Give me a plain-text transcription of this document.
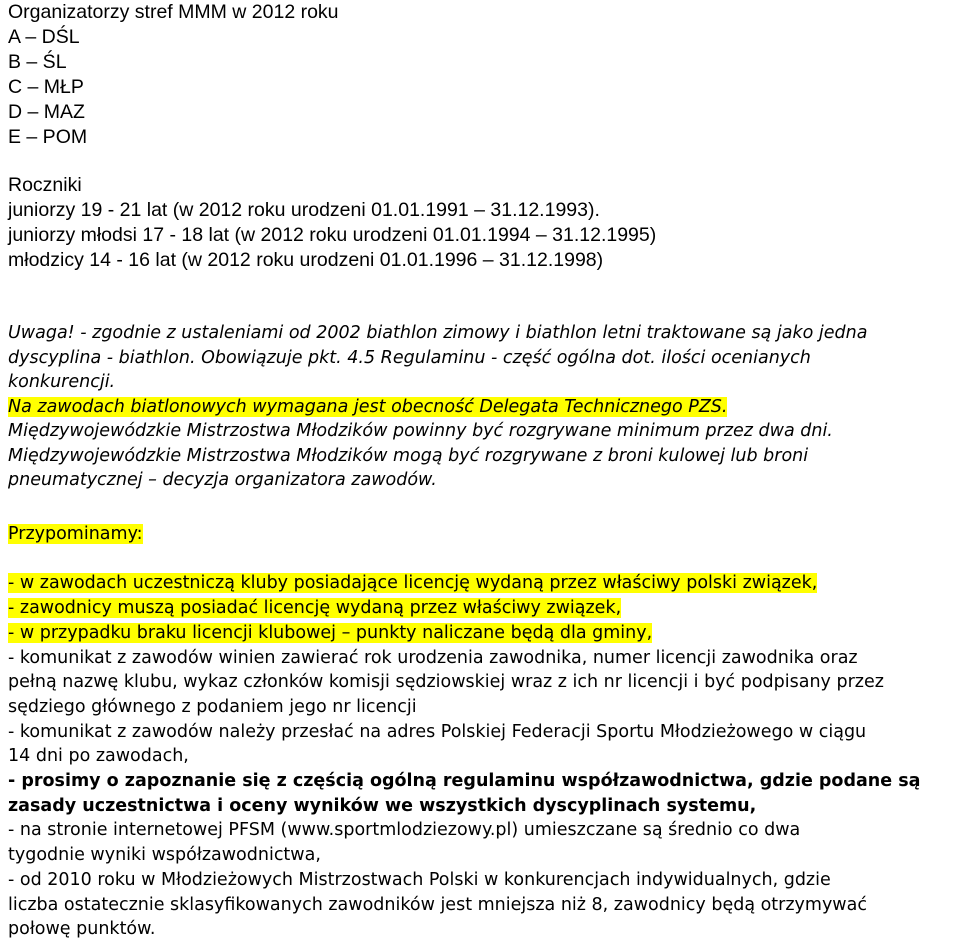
Organizatorzy stref MMM w 2012 roku
A – DŚL
B – ŚL
C – MŁP
D – MAZ
E – POM
Roczniki
juniorzy 19 - 21 lat (w 2012 roku urodzeni 01.01.1991 – 31.12.1993).
juniorzy młodsi 17 - 18 lat (w 2012 roku urodzeni 01.01.1994 – 31.12.1995)
młodzicy 14 - 16 lat (w 2012 roku urodzeni 01.01.1996 – 31.12.1998)
Uwaga! - zgodnie z ustaleniami od 2002 biathlon zimowy i biathlon letni traktowane są jako jedna
dyscyplina - biathlon. Obowiązuje pkt. 4.5 Regulaminu - część ogólna dot. ilości ocenianych
konkurencji.
Na zawodach biatlonowych wymagana jest obecność Delegata Technicznego PZS.
Międzywojewódzkie Mistrzostwa Młodzików powinny być rozgrywane minimum przez dwa dni.
Międzywojewódzkie Mistrzostwa Młodzików mogą być rozgrywane z broni kulowej lub broni
pneumatycznej – decyzja organizatora zawodów.
Przypominamy:
- w zawodach uczestniczą kluby posiadające licencję wydaną przez właściwy polski związek,
- zawodnicy muszą posiadać licencję wydaną przez właściwy związek,
- w przypadku braku licencji klubowej – punkty naliczane będą dla gminy,
- komunikat z zawodów winien zawierać rok urodzenia zawodnika, numer licencji zawodnika oraz
pełną nazwę klubu, wykaz członków komisji sędziowskiej wraz z ich nr licencji i być podpisany przez
sędziego głównego z podaniem jego nr licencji
- komunikat z zawodów należy przesłać na adres Polskiej Federacji Sportu Młodzieżowego w ciągu
14 dni po zawodach,
- prosimy o zapoznanie się z częścią ogólną regulaminu współzawodnictwa, gdzie podane są
zasady uczestnictwa i oceny wyników we wszystkich dyscyplinach systemu,
- na stronie internetowej PFSM (www.sportmlodziezowy.pl) umieszczane są średnio co dwa
tygodnie wyniki współzawodnictwa,
- od 2010 roku w Młodzieżowych Mistrzostwach Polski w konkurencjach indywidualnych, gdzie
liczba ostatecznie sklasyfikowanych zawodników jest mniejsza niż 8, zawodnicy będą otrzymywać
połowę punktów.
